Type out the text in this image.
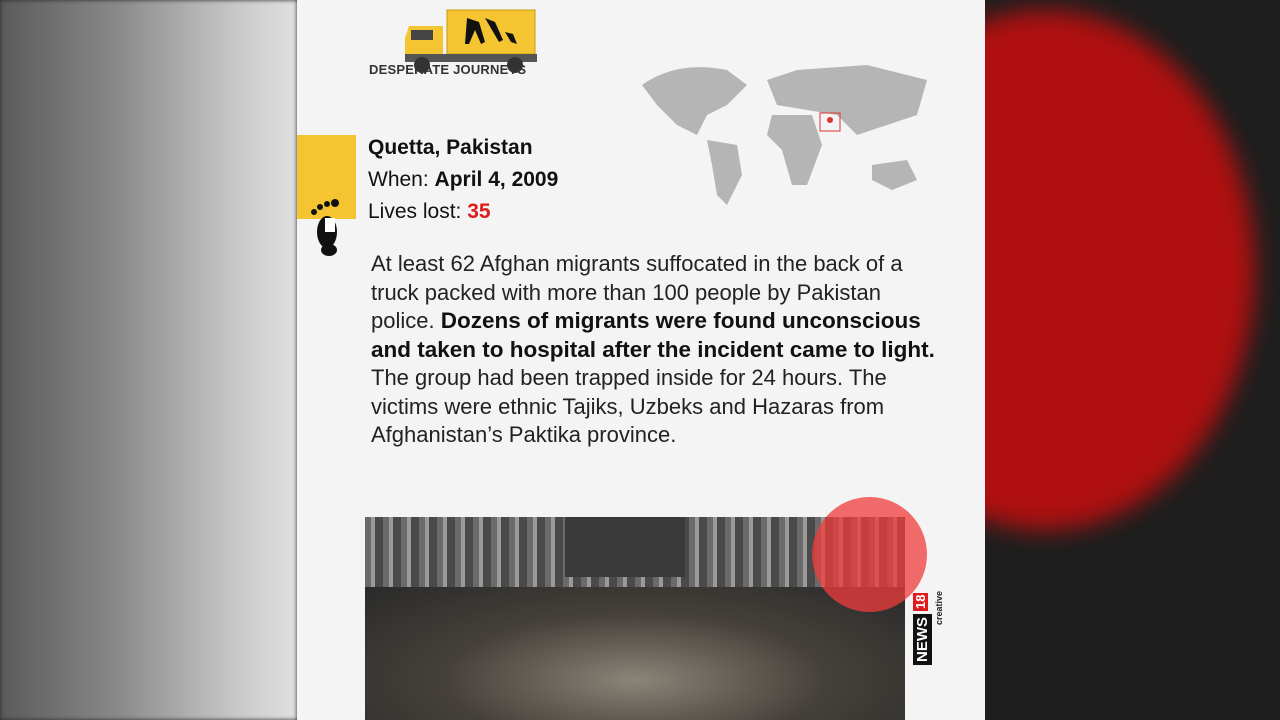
DESPERATE JOURNEYS
Quetta, Pakistan
When: April 4, 2009
Lives lost: 35
At least 62 Afghan migrants suffocated in the back of a truck packed with more than 100 people by Pakistan police. Dozens of migrants were found unconscious and taken to hospital after the incident came to light. The group had been trapped inside for 24 hours. The victims were ethnic Tajiks, Uzbeks and Hazaras from Afghanistan’s Paktika province.
NEWS
18 creative
